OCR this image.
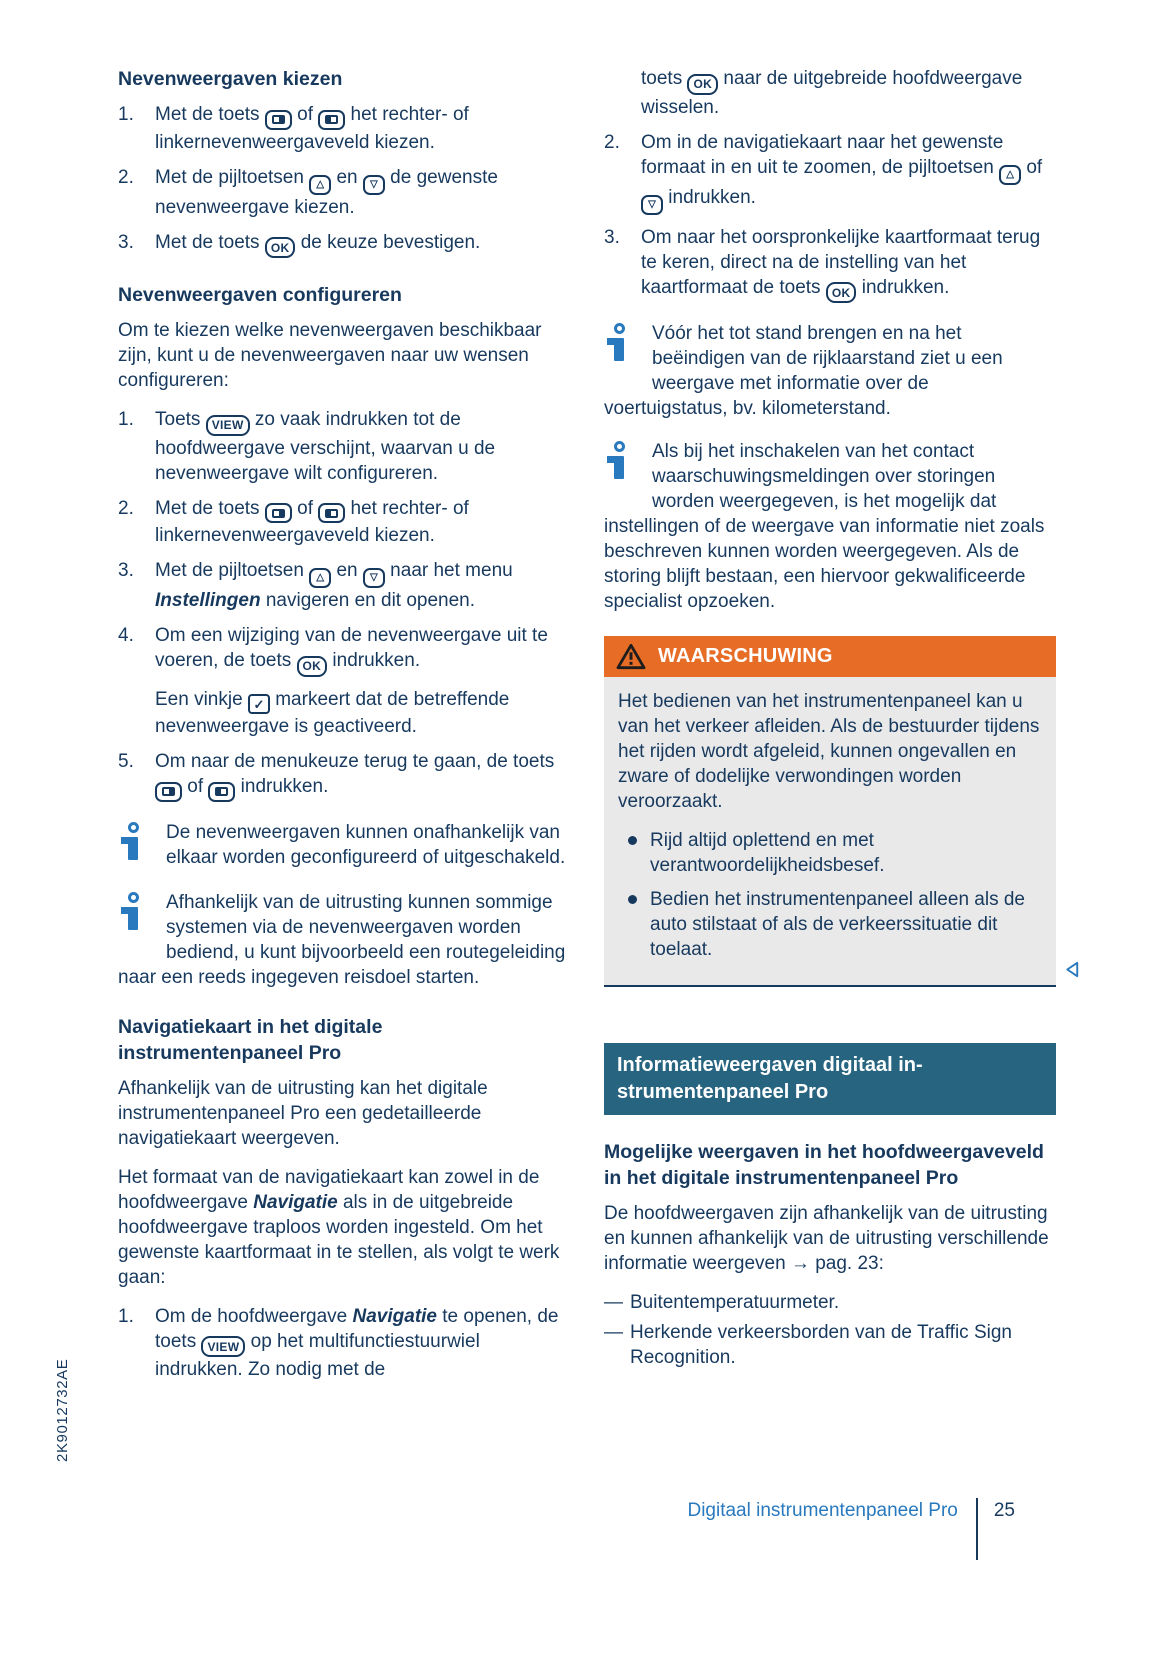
Nevenweergaven kiezen
1.	Met de toets
of
het rechter- of linkernevenweergaveveld kiezen.
2.	Met de pijltoetsen △ en ▽ de gewenste nevenweergave kiezen.
3.	Met de toets OK de keuze bevestigen.
Nevenweergaven configureren

Om te kiezen welke nevenweergaven beschikbaar zijn, kunt u de nevenweergaven naar uw wensen configureren:

1.	Toets VIEW zo vaak indrukken tot de hoofdweergave verschijnt, waarvan u de nevenweergave wilt configureren.
2.	Met de toets
of
het rechter- of linkernevenweergaveveld kiezen.
3.	Met de pijltoetsen △ en ▽ naar het menu Instellingen navigeren en dit openen.
4.	Om een wijziging van de nevenweergave uit te voeren, de toets OK indrukken.
Een vinkje ✓ markeert dat de betreffende nevenweergave is geactiveerd.
5.	Om naar de menukeuze terug te gaan, de toets
of
indrukken.
De nevenweergaven kunnen onafhankelijk van elkaar worden geconfigureerd of uitgeschakeld.
Afhankelijk van de uitrusting kunnen sommige systemen via de nevenweergaven worden bediend, u kunt bijvoorbeeld een routegeleiding naar een reeds ingegeven reisdoel starten.
Navigatiekaart in het digitale instrumentenpaneel Pro

Afhankelijk van de uitrusting kan het digitale instrumentenpaneel Pro een gedetailleerde navigatiekaart weergeven.

Het formaat van de navigatiekaart kan zowel in de hoofdweergave Navigatie als in de uitgebreide hoofdweergave traploos worden ingesteld. Om het gewenste kaartformaat in te stellen, als volgt te werk gaan:

1.	Om de hoofdweergave Navigatie te openen, de toets VIEW op het multifunctiestuurwiel indrukken. Zo nodig met de
toets OK naar de uitgebreide hoofdweergave wisselen.
2.	Om in de navigatiekaart naar het gewenste formaat in en uit te zoomen, de pijltoetsen △ of ▽ indrukken.
3.	Om naar het oorspronkelijke kaartformaat terug te keren, direct na de instelling van het kaartformaat de toets OK indrukken.
Vóór het tot stand brengen en na het beëindigen van de rijklaarstand ziet u een weergave met informatie over de voertuigstatus, bv. kilometerstand.
Als bij het inschakelen van het contact waarschuwingsmeldingen over storingen worden weergegeven, is het mogelijk dat instellingen of de weergave van informatie niet zoals beschreven kunnen worden weergegeven. Als de storing blijft bestaan, een hiervoor gekwalificeerde specialist opzoeken.
WAARSCHUWING

Het bedienen van het instrumentenpaneel kan u van het verkeer afleiden. Als de bestuurder tijdens het rijden wordt afgeleid, kunnen ongevallen en zware of dodelijke verwondingen worden veroorzaakt.

Rijd altijd oplettend en met verantwoordelijkheidsbesef.
Bedien het instrumentenpaneel alleen als de auto stilstaat of als de verkeerssituatie dit toelaat.
Informatieweergaven digitaal in-
strumentenpaneel Pro
Mogelijke weergaven in het hoofdweergaveveld in het digitale instrumentenpaneel Pro

De hoofdweergaven zijn afhankelijk van de uitrusting en kunnen afhankelijk van de uitrusting verschillende informatie weergeven → pag. 23:

— Buitentemperatuurmeter.
— Herkende verkeersborden van de Traffic Sign Recognition.
Digitaal instrumentenpaneel Pro 25
2K9012732AE
